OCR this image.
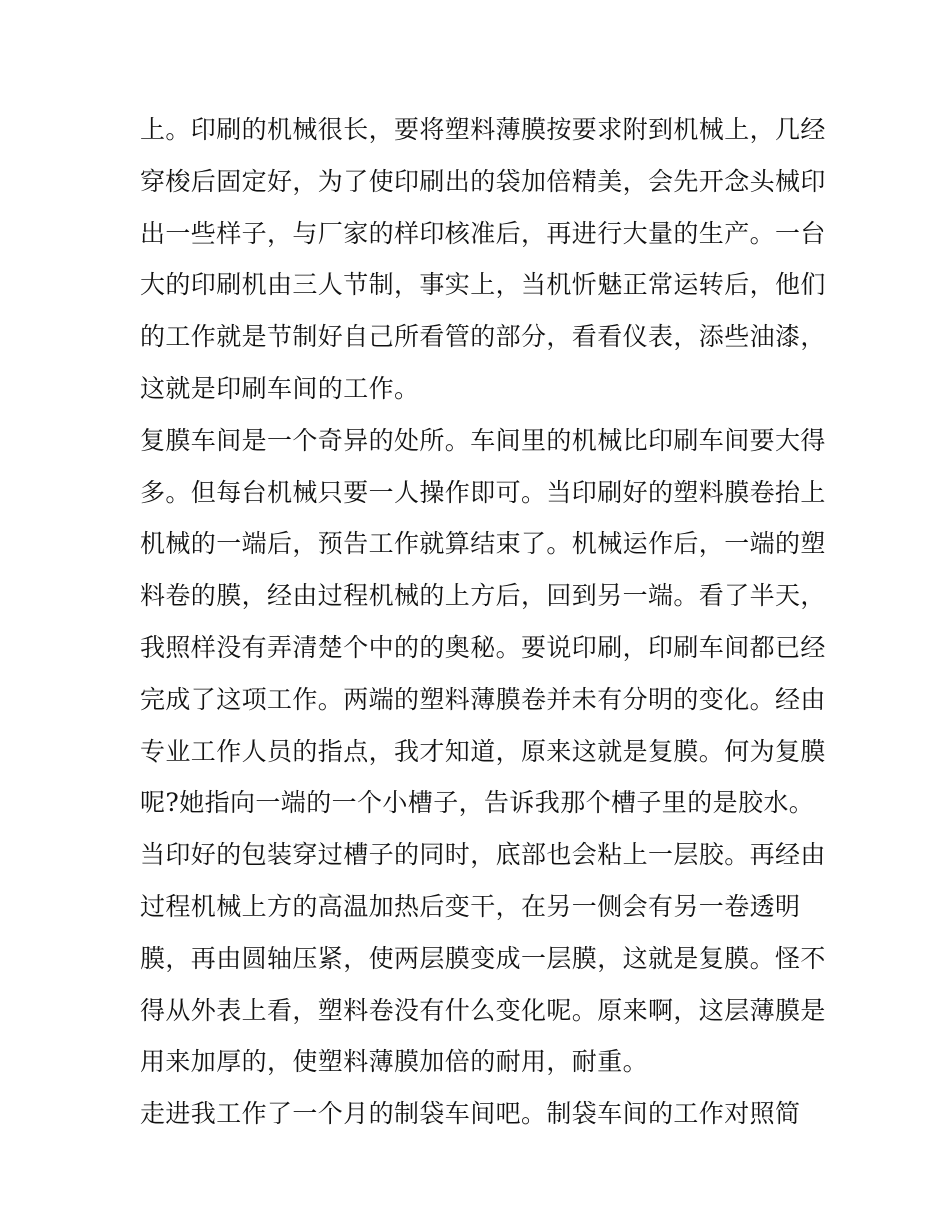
上。印刷的机械很长，要将塑料薄膜按要求附到机械上，几经
穿梭后固定好，为了使印刷出的袋加倍精美，会先开念头械印
出一些样子，与厂家的样印核准后，再进行大量的生产。一台
大的印刷机由三人节制，事实上，当机忻魅正常运转后，他们
的工作就是节制好自己所看管的部分，看看仪表，添些油漆，
这就是印刷车间的工作。
复膜车间是一个奇异的处所。车间里的机械比印刷车间要大得
多。但每台机械只要一人操作即可。当印刷好的塑料膜卷抬上
机械的一端后，预告工作就算结束了。机械运作后，一端的塑
料卷的膜，经由过程机械的上方后，回到另一端。看了半天，
我照样没有弄清楚个中的的奥秘。要说印刷，印刷车间都已经
完成了这项工作。两端的塑料薄膜卷并未有分明的变化。经由
专业工作人员的指点，我才知道，原来这就是复膜。何为复膜
呢?她指向一端的一个小槽子，告诉我那个槽子里的是胶水。
当印好的包装穿过槽子的同时，底部也会粘上一层胶。再经由
过程机械上方的高温加热后变干，在另一侧会有另一卷透明
膜，再由圆轴压紧，使两层膜变成一层膜，这就是复膜。怪不
得从外表上看，塑料卷没有什么变化呢。原来啊，这层薄膜是
用来加厚的，使塑料薄膜加倍的耐用，耐重。
走进我工作了一个月的制袋车间吧。制袋车间的工作对照简
